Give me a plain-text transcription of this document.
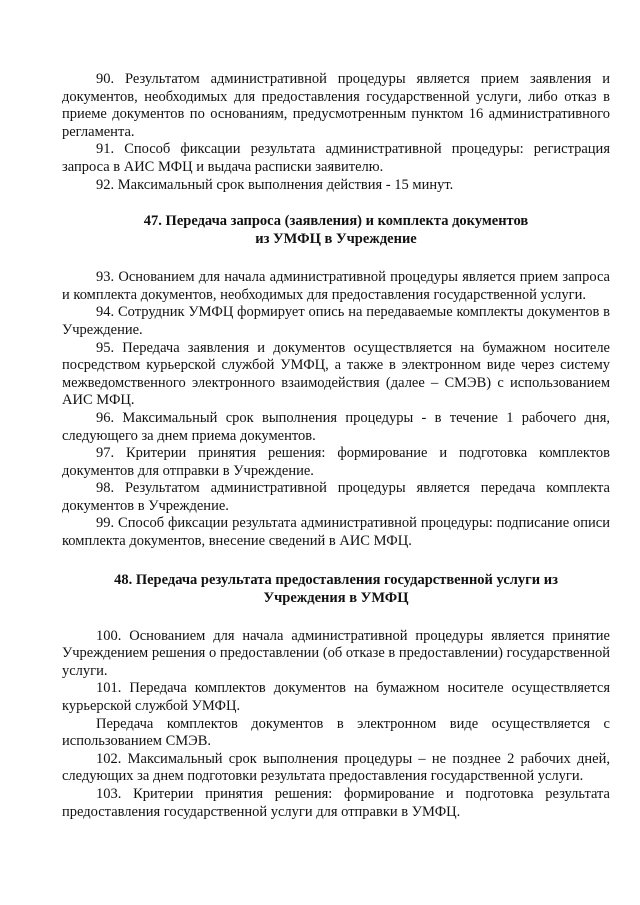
90. Результатом административной процедуры является прием заявления и документов, необходимых для предоставления государственной услуги, либо отказ в приеме документов по основаниям, предусмотренным пунктом 16 административного регламента.

91. Способ фиксации результата административной процедуры: регистрация запроса в АИС МФЦ и выдача расписки заявителю.

92. Максимальный срок выполнения действия - 15 минут.

47. Передача запроса (заявления) и комплекта документов

из УМФЦ в Учреждение

93. Основанием для начала административной процедуры является прием запроса и комплекта документов, необходимых для предоставления государственной услуги.

94. Сотрудник УМФЦ формирует опись на передаваемые комплекты документов в Учреждение.

95. Передача заявления и документов осуществляется на бумажном носителе посредством курьерской службой УМФЦ, а также в электронном виде через систему межведомственного электронного взаимодействия (далее – СМЭВ) с использованием АИС МФЦ.

96. Максимальный срок выполнения процедуры - в течение 1 рабочего дня, следующего за днем приема документов.

97. Критерии принятия решения: формирование и подготовка комплектов документов для отправки в Учреждение.

98. Результатом административной процедуры является передача комплекта документов в Учреждение.

99. Способ фиксации результата административной процедуры: подписание описи комплекта документов, внесение сведений в АИС МФЦ.

48. Передача результата предоставления государственной услуги из

Учреждения в УМФЦ

100. Основанием для начала административной процедуры является принятие Учреждением решения о предоставлении (об отказе в предоставлении) государственной услуги.

101. Передача комплектов документов на бумажном носителе осуществляется курьерской службой УМФЦ.

Передача комплектов документов в электронном виде осуществляется с использованием СМЭВ.

102. Максимальный срок выполнения процедуры – не позднее 2 рабочих дней, следующих за днем подготовки результата предоставления государственной услуги.

103. Критерии принятия решения: формирование и подготовка результата предоставления государственной услуги для отправки в УМФЦ.
